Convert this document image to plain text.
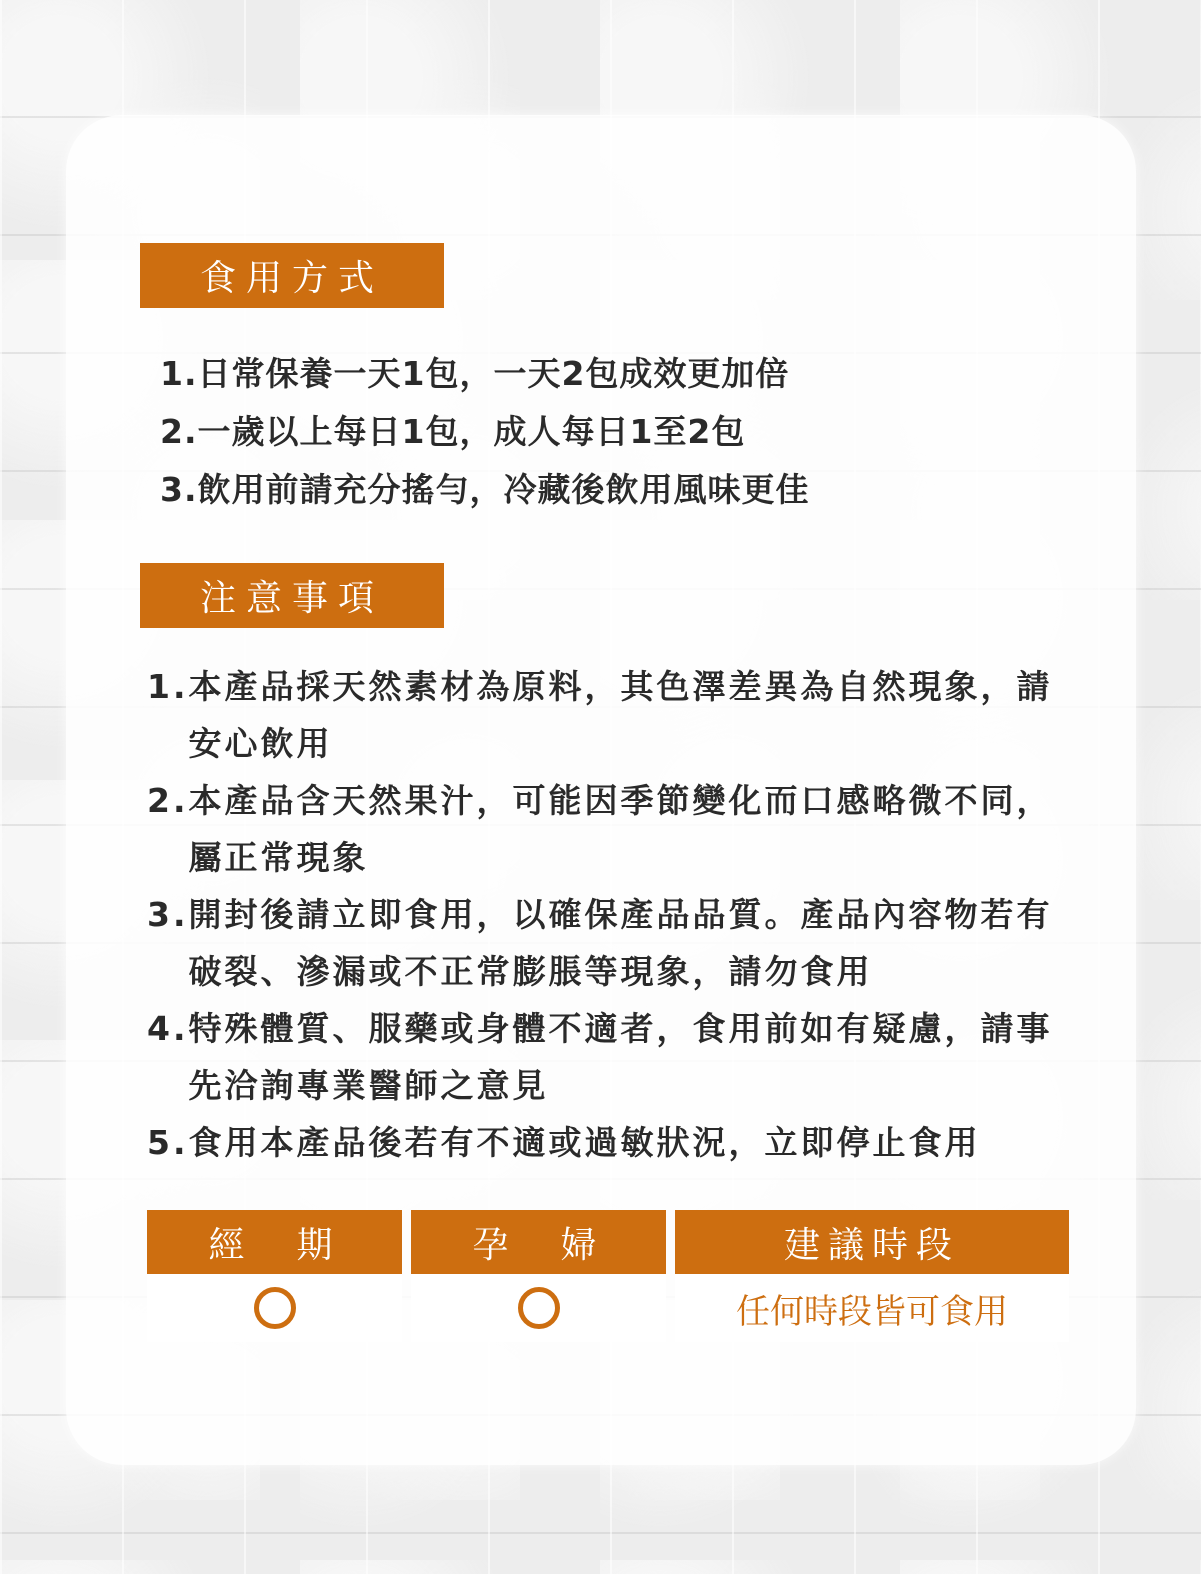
食用方式
1.日常保養一天1包，一天2包成效更加倍
2.一歲以上每日1包，成人每日1至2包
3.飲用前請充分搖勻，冷藏後飲用風味更佳
注意事項
1. 本產品採天然素材為原料，其色澤差異為自然現象，請安心飲用
2. 本產品含天然果汁，可能因季節變化而口感略微不同，屬正常現象
3. 開封後請立即食用，以確保產品品質。產品內容物若有破裂、滲漏或不正常膨脹等現象，請勿食用
4. 特殊體質、服藥或身體不適者，食用前如有疑慮，請事先洽詢專業醫師之意見
5. 食用本產品後若有不適或過敏狀況，立即停止食用
經　期	孕　婦	建議時段
任何時段皆可食用
